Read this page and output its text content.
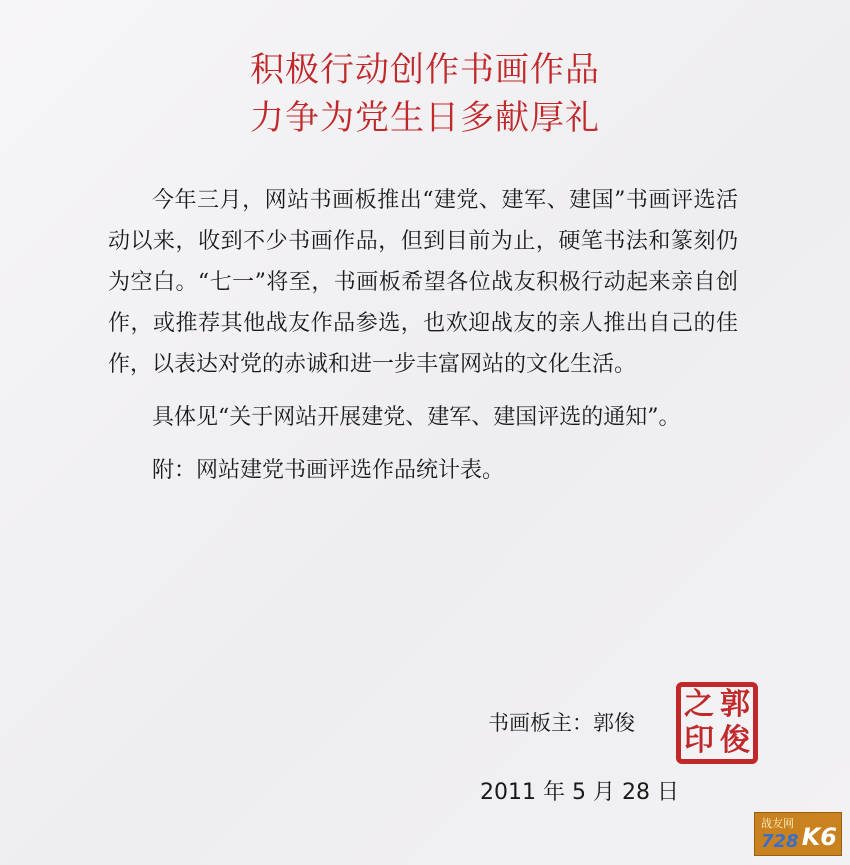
积极行动创作书画作品
力争为党生日多献厚礼

今年三月，网站书画板推出“建党、建军、建国”书画评选活动以来，收到不少书画作品，但到目前为止，硬笔书法和篆刻仍为空白。“七一”将至，书画板希望各位战友积极行动起来亲自创作，或推荐其他战友作品参选，也欢迎战友的亲人推出自己的佳作，以表达对党的赤诚和进一步丰富网站的文化生活。

具体见“关于网站开展建党、建军、建国评选的通知”。

附：网站建党书画评选作品统计表。

书画板主：郭俊
之
印
郭
俊
2011 年 5 月 28 日
战友网
728 K6
